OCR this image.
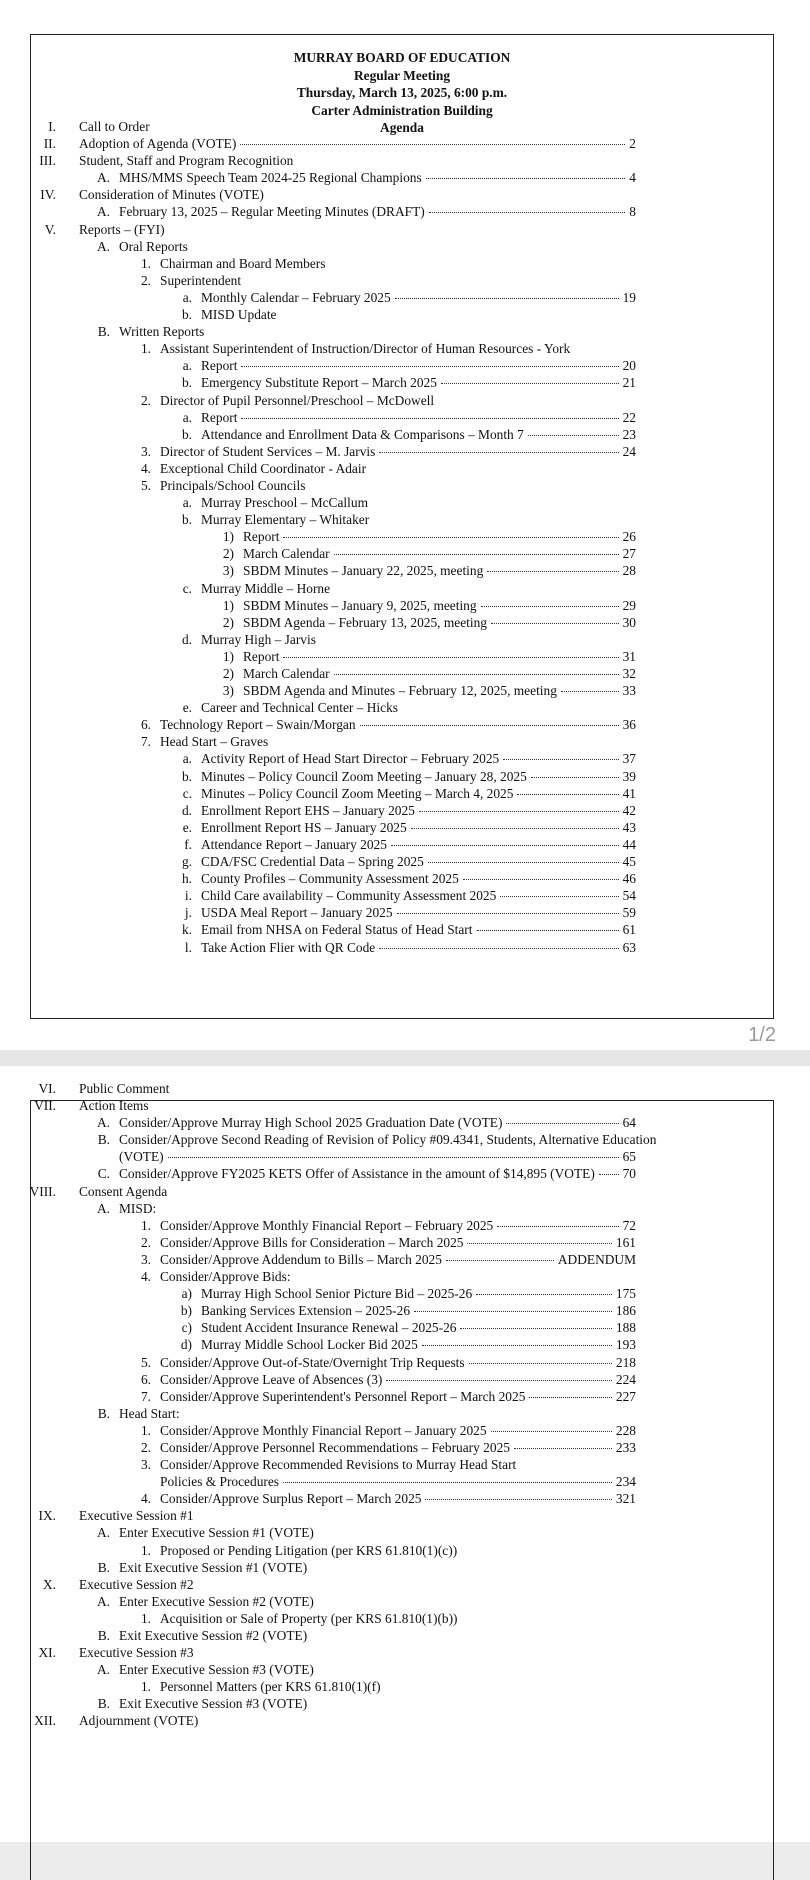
MURRAY BOARD OF EDUCATION
Regular Meeting
Thursday, March 13, 2025, 6:00 p.m.
Carter Administration Building
Agenda
I. Call to Order
II. Adoption of Agenda (VOTE)	2
III. Student, Staff and Program Recognition
A. MHS/MMS Speech Team 2024-25 Regional Champions	4
IV. Consideration of Minutes (VOTE)
A. February 13, 2025 – Regular Meeting Minutes (DRAFT)	8
V. Reports – (FYI)
A. Oral Reports
1. Chairman and Board Members
2. Superintendent
a. Monthly Calendar – February 2025	19
b. MISD Update
B. Written Reports
1. Assistant Superintendent of Instruction/Director of Human Resources - York
a. Report	20
b. Emergency Substitute Report – March 2025	21
2. Director of Pupil Personnel/Preschool – McDowell
a. Report	22
b. Attendance and Enrollment Data & Comparisons – Month 7	23
3. Director of Student Services – M. Jarvis	24
4. Exceptional Child Coordinator - Adair
5. Principals/School Councils
a. Murray Preschool – McCallum
b. Murray Elementary – Whitaker
1) Report	26
2) March Calendar	27
3) SBDM Minutes – January 22, 2025, meeting	28
c. Murray Middle – Horne
1) SBDM Minutes – January 9, 2025, meeting	29
2) SBDM Agenda – February 13, 2025, meeting	30
d. Murray High – Jarvis
1) Report	31
2) March Calendar	32
3) SBDM Agenda and Minutes – February 12, 2025, meeting	33
e. Career and Technical Center – Hicks
6. Technology Report – Swain/Morgan	36
7. Head Start – Graves
a. Activity Report of Head Start Director – February 2025	37
b. Minutes – Policy Council Zoom Meeting – January 28, 2025	39
c. Minutes – Policy Council Zoom Meeting – March 4, 2025	41
d. Enrollment Report EHS – January 2025	42
e. Enrollment Report HS – January 2025	43
f. Attendance Report – January 2025	44
g. CDA/FSC Credential Data – Spring 2025	45
h. County Profiles – Community Assessment 2025	46
i. Child Care availability – Community Assessment 2025	54
j. USDA Meal Report – January 2025	59
k. Email from NHSA on Federal Status of Head Start	61
l. Take Action Flier with QR Code	63
1/2
VI. Public Comment
VII. Action Items
A. Consider/Approve Murray High School 2025 Graduation Date (VOTE)	64
B. Consider/Approve Second Reading of Revision of Policy #09.4341, Students, Alternative Education
(VOTE)	65
C. Consider/Approve FY2025 KETS Offer of Assistance in the amount of $14,895 (VOTE) 70
VIII. Consent Agenda
A. MISD:
1. Consider/Approve Monthly Financial Report – February 2025	72
2. Consider/Approve Bills for Consideration – March 2025	161
3. Consider/Approve Addendum to Bills – March 2025	ADDENDUM
4. Consider/Approve Bids:
a) Murray High School Senior Picture Bid – 2025-26	175
b) Banking Services Extension – 2025-26	186
c) Student Accident Insurance Renewal – 2025-26	188
d) Murray Middle School Locker Bid 2025	193
5. Consider/Approve Out-of-State/Overnight Trip Requests	218
6. Consider/Approve Leave of Absences (3)	224
7. Consider/Approve Superintendent's Personnel Report – March 2025	227
B. Head Start:
1. Consider/Approve Monthly Financial Report – January 2025	228
2. Consider/Approve Personnel Recommendations – February 2025	233
3. Consider/Approve Recommended Revisions to Murray Head Start
Policies & Procedures	234
4. Consider/Approve Surplus Report – March 2025	321
IX. Executive Session #1
A. Enter Executive Session #1 (VOTE)
1. Proposed or Pending Litigation (per KRS 61.810(1)(c))
B. Exit Executive Session #1 (VOTE)
X. Executive Session #2
A. Enter Executive Session #2 (VOTE)
1. Acquisition or Sale of Property (per KRS 61.810(1)(b))
B. Exit Executive Session #2 (VOTE)
XI. Executive Session #3
A. Enter Executive Session #3 (VOTE)
1. Personnel Matters (per KRS 61.810(1)(f)
B. Exit Executive Session #3 (VOTE)
XII. Adjournment (VOTE)
